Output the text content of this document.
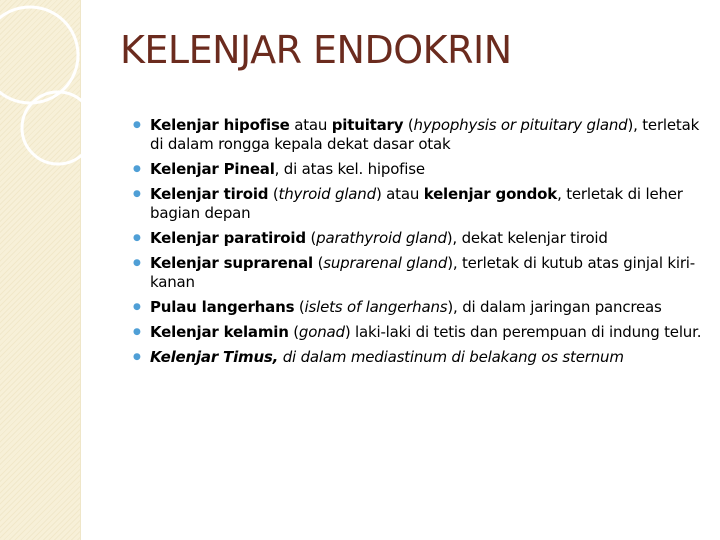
KELENJAR ENDOKRIN
● Kelenjar hipofise atau pituitary (hypophysis or pituitary gland), terletak di dalam rongga kepala dekat dasar otak
● Kelenjar Pineal, di atas kel. hipofise
● Kelenjar tiroid (thyroid gland) atau kelenjar gondok, terletak di leher bagian depan
● Kelenjar paratiroid (parathyroid gland), dekat kelenjar tiroid
● Kelenjar suprarenal (suprarenal gland), terletak di kutub atas ginjal kiri-kanan
● Pulau langerhans (islets of langerhans), di dalam jaringan pancreas
● Kelenjar kelamin (gonad) laki-laki di tetis dan perempuan di indung telur.
● Kelenjar Timus, di dalam mediastinum di belakang os sternum
